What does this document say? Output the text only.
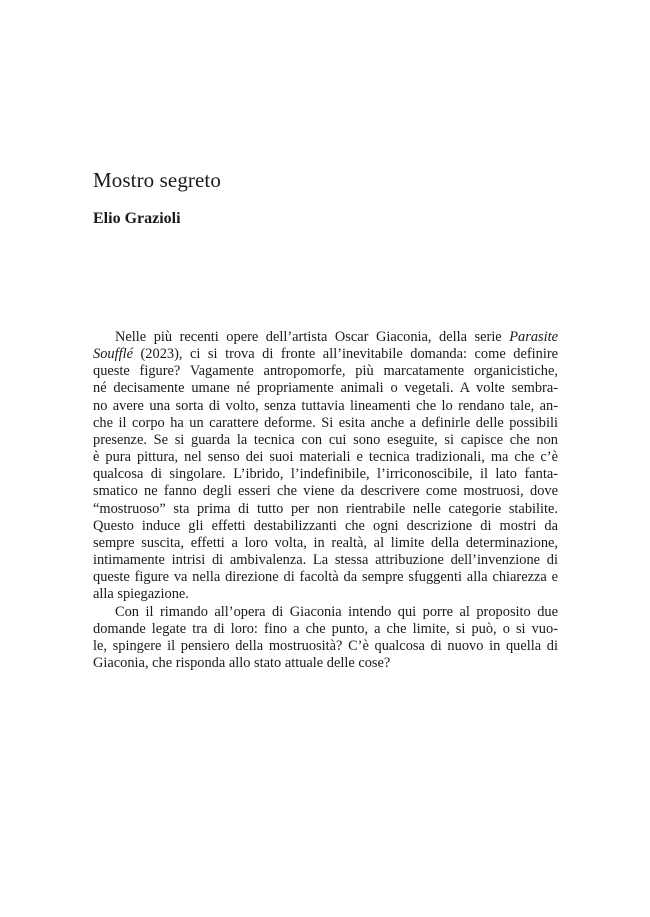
Mostro segreto
Elio Grazioli

Nelle più recenti opere dell’artista Oscar Giaconia, della serie Parasite
Soufflé (2023), ci si trova di fronte all’inevitabile domanda: come definire
queste figure? Vagamente antropomorfe, più marcatamente organicistiche,
né decisamente umane né propriamente animali o vegetali. A volte sembra-
no avere una sorta di volto, senza tuttavia lineamenti che lo rendano tale, an-
che il corpo ha un carattere deforme. Si esita anche a definirle delle possibili
presenze. Se si guarda la tecnica con cui sono eseguite, si capisce che non
è pura pittura, nel senso dei suoi materiali e tecnica tradizionali, ma che c’è
qualcosa di singolare. L’ibrido, l’indefinibile, l’irriconoscibile, il lato fanta-
smatico ne fanno degli esseri che viene da descrivere come mostruosi, dove
“mostruoso” sta prima di tutto per non rientrabile nelle categorie stabilite.
Questo induce gli effetti destabilizzanti che ogni descrizione di mostri da
sempre suscita, effetti a loro volta, in realtà, al limite della determinazione,
intimamente intrisi di ambivalenza. La stessa attribuzione dell’invenzione di
queste figure va nella direzione di facoltà da sempre sfuggenti alla chiarezza e
alla spiegazione.

Con il rimando all’opera di Giaconia intendo qui porre al proposito due
domande legate tra di loro: fino a che punto, a che limite, si può, o si vuo-
le, spingere il pensiero della mostruosità? C’è qualcosa di nuovo in quella di
Giaconia, che risponda allo stato attuale delle cose?
